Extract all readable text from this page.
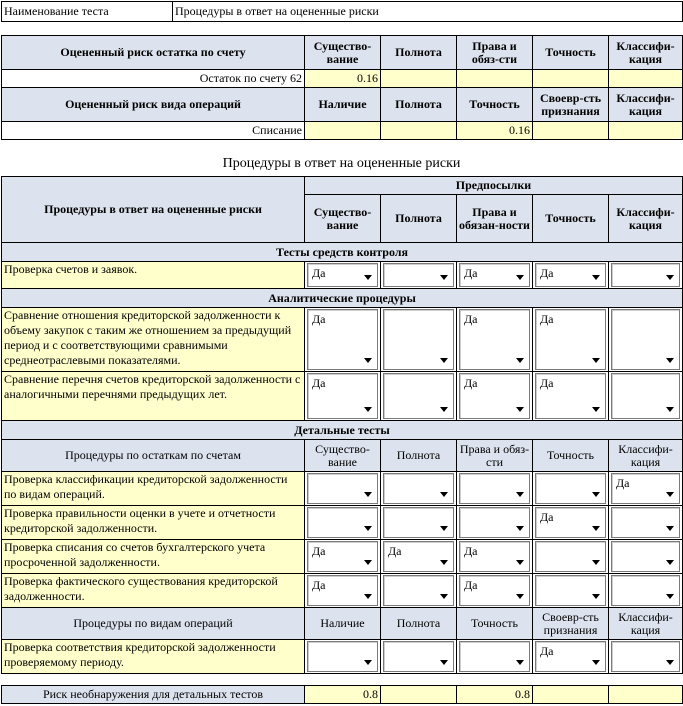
Наименование теста	Процедуры в ответ на оцененные риски
Оцененный риск остатка по счету	Существо-вание	Полнота	Права и обяз-сти	Точность	Классифи-кация
Остаток по счету 62	0.16				
Оцененный риск вида операций	Наличие	Полнота	Точность	Своевр-сть признания	Классифи-кация
Списание			0.16		
Процедуры в ответ на оцененные риски
Процедуры в ответ на оцененные риски	Предпосылки				
	Существо-вание	Полнота	Права и обязан-ности	Точность	Классифи-кация
Тесты средств контроля					
Проверка счетов и заявок.	Да		Да	Да	

Аналитические процедуры					
Сравнение отношения кредиторской задолженности к объему закупок с таким же отношением за предыдущий период и с соответствующими сравнимыми среднеотраслевыми показателями.	Да		Да	Да	

Сравнение перечня счетов кредиторской задолженности с аналогичными перечнями предыдущих лет.	Да		Да	Да	

Детальные тесты					
Процедуры по остаткам по счетам	Существо-вание	Полнота	Права и обяз-сти	Точность	Классифи-кация
Проверка классификации кредиторской задолженности по видам операций.					Да

Проверка правильности оценки в учете и отчетности кредиторской задолженности.				Да	

Проверка списания со счетов бухгалтерского учета просроченной задолженности.	Да	Да	Да		

Проверка фактического существования кредиторской задолженности.	Да		Да		

Процедуры по видам операций	Наличие	Полнота	Точность	Своевр-сть признания	Классифи-кация
Проверка соответствия кредиторской задолженности проверяемому периоду.				Да	

Риск необнаружения для детальных тестов	0.8		0.8		
